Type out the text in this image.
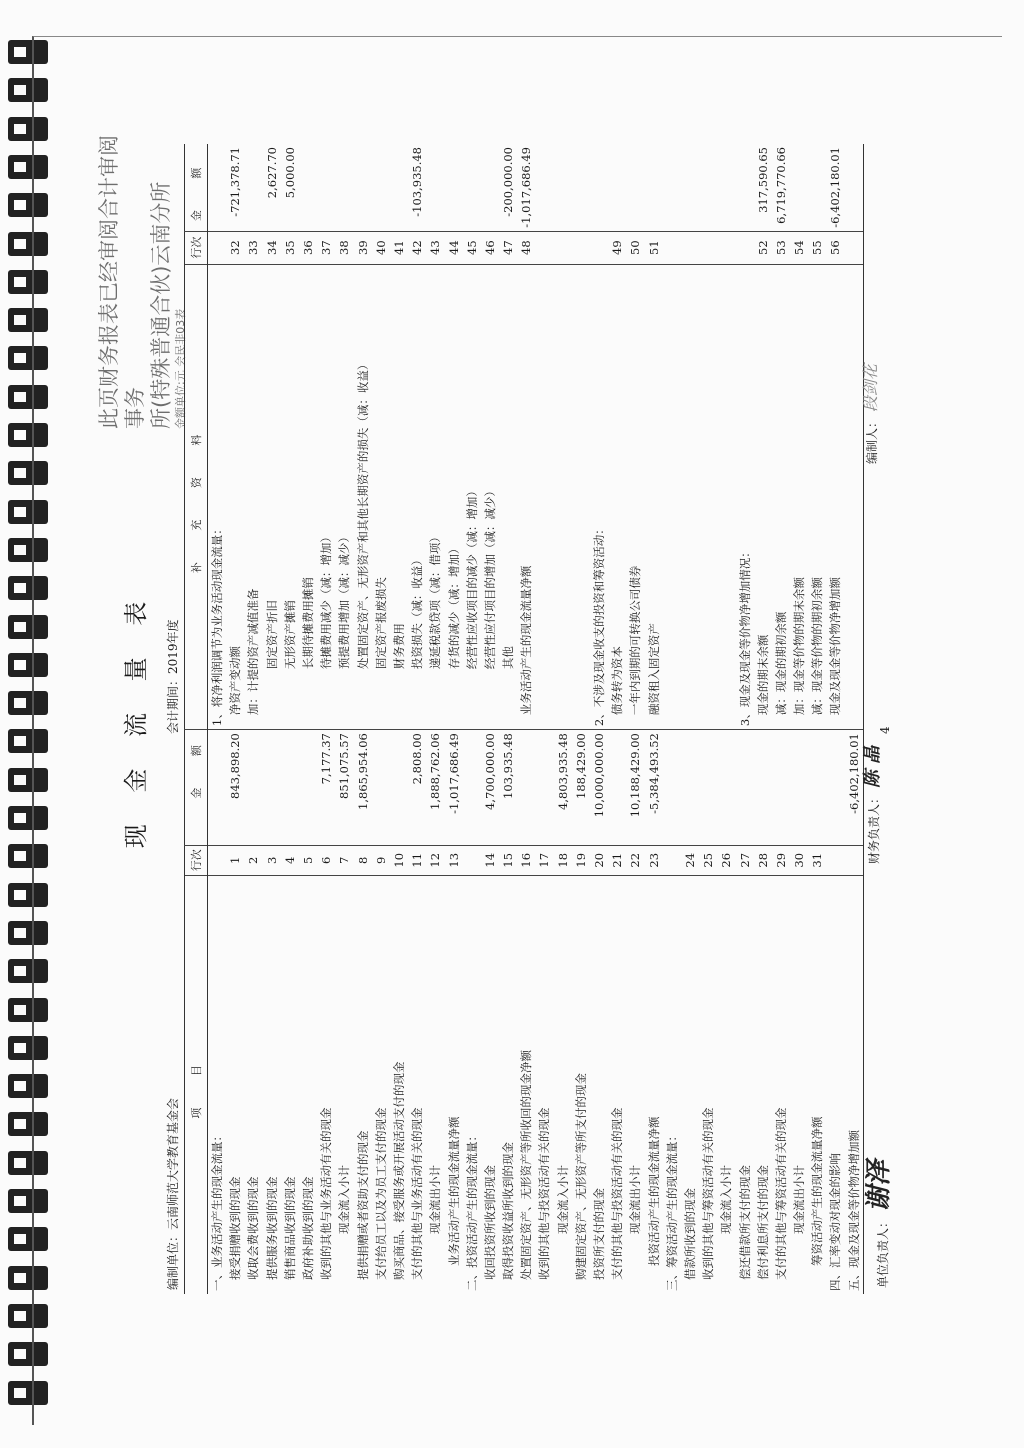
现 金 流 量 表
此页财务报表已经审阅合计审阅事务 所(特殊普通合伙)云南分所 金额单位:元 会民非03表
编制单位：云南师范大学教育基金会
会计期间：2019年度
项 目	行次	金 额	补 充 资 料	行次	金 额
一、业务活动产生的现金流量：			1、将净利润调节为业务活动现金流量：		
接受捐赠收到的现金	1	843,898.20	净资产变动额	32	-721,378.71
收取会费收到的现金	2		加：计提的资产减值准备	33	
提供服务收到的现金	3		固定资产折旧	34	2,627.70
销售商品收到的现金	4		无形资产摊销	35	5,000.00
政府补助收到的现金	5		长期待摊费用摊销	36	
收到的其他与业务活动有关的现金	6	7,177.37	待摊费用减少（减：增加）	37	
现金流入小计	7	851,075.57	预提费用增加（减：减少）	38	
提供捐赠或者资助支付的现金	8	1,865,954.06	处置固定资产、无形资产和其他长期资产的损失（减：收益）	39	
支付给员工以及为员工支付的现金	9		固定资产报废损失	40	
购买商品、接受服务或开展活动支付的现金	10		财务费用	41	
支付的其他与业务活动有关的现金	11	2,808.00	投资损失（减：收益）	42	-103,935.48
现金流出小计	12	1,888,762.06	递延税款贷项（减：借项）	43	
业务活动产生的现金流量净额	13	-1,017,686.49	存货的减少（减：增加）	44	
二、投资活动产生的现金流量：			经营性应收项目的减少（减：增加）	45	
收回投资所收到的现金	14	4,700,000.00	经营性应付项目的增加（减：减少）	46	
取得投资收益所收到的现金	15	103,935.48	其他	47	-200,000.00
处置固定资产、无形资产等所收回的现金净额	16		业务活动产生的现金流量净额	48	-1,017,686.49
收到的其他与投资活动有关的现金	17				
现金流入小计	18	4,803,935.48			
购建固定资产、无形资产等所支付的现金	19	188,429.00			
投资所支付的现金	20	10,000,000.00	2、不涉及现金收支的投资和筹资活动：		
支付的其他与投资活动有关的现金	21		债务转为资本	49	
现金流出小计	22	10,188,429.00	一年内到期的可转换公司债券	50	
投资活动产生的现金流量净额	23	-5,384,493.52	融资租入固定资产	51	
三、筹资活动产生的现金流量：					
借款所收到的现金	24				
收到的其他与筹资活动有关的现金	25				
现金流入小计	26				
偿还借款所支付的现金	27		3、现金及现金等价物净增加情况：		
偿付利息所支付的现金	28		现金的期末余额	52	317,590.65
支付的其他与筹资活动有关的现金	29		减：现金的期初余额	53	6,719,770.66
现金流出小计	30		加：现金等价物的期末余额	54	
筹资活动产生的现金流量净额	31		减：现金等价物的期初余额	55	
四、汇率变动对现金的影响			现金及现金等价物净增加额	56	-6,402,180.01
五、现金及现金等价物净增加额		-6,402,180.01			
单位负责人： 谢泽
财务负责人： 陈 晶
编制人： 段剑花
4
